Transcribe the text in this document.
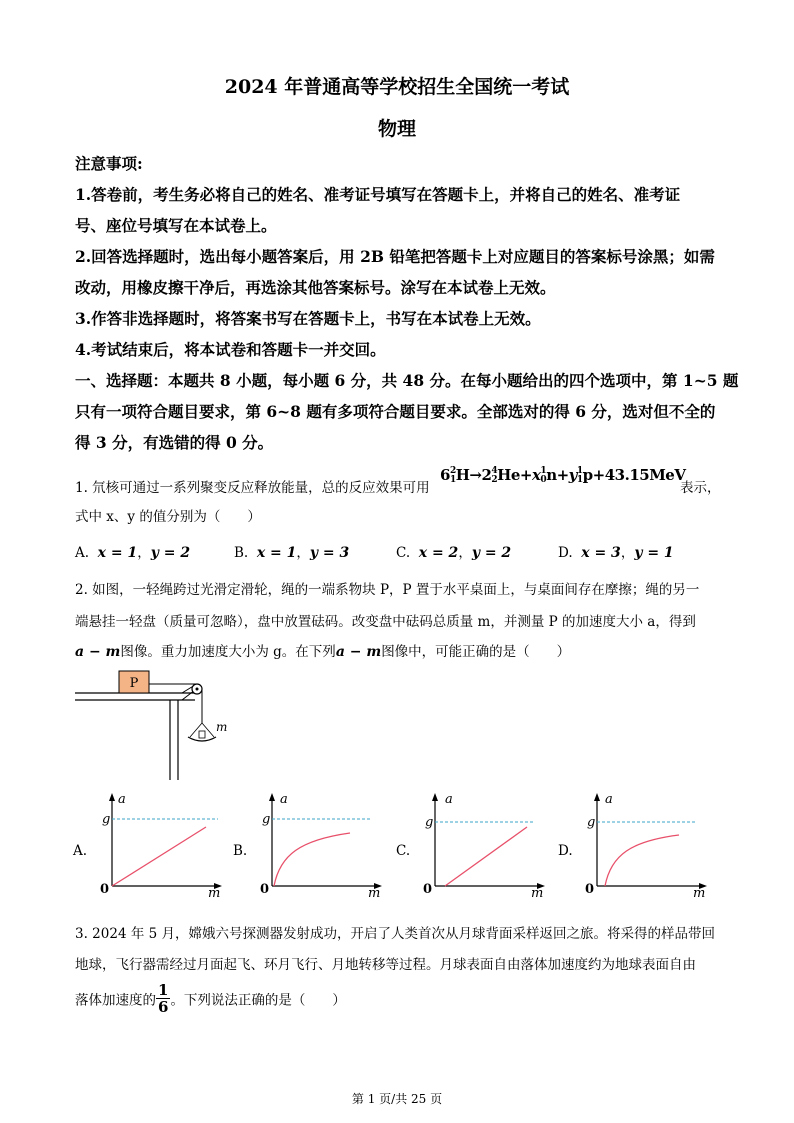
2024 年普通高等学校招生全国统一考试
物理
注意事项:
1.答卷前，考生务必将自己的姓名、准考证号填写在答题卡上，并将自己的姓名、准考证
号、座位号填写在本试卷上。
2.回答选择题时，选出每小题答案后，用 2B 铅笔把答题卡上对应题目的答案标号涂黑；如需
改动，用橡皮擦干净后，再选涂其他答案标号。涂写在本试卷上无效。
3.作答非选择题时，将答案书写在答题卡上，书写在本试卷上无效。
4.考试结束后，将本试卷和答题卡一并交回。
一、选择题：本题共 8 小题，每小题 6 分，共 48 分。在每小题给出的四个选项中，第 1~5 题
只有一项符合题目要求，第 6~8 题有多项符合题目要求。全部选对的得 6 分，选对但不全的
得 3 分，有选错的得 0 分。
1. 氘核可通过一系列聚变反应释放能量，总的反应效果可用
6 2
1 H→2 4
2 He+x 1
0 n+y 1
1 p+43.15MeV
表示，
式中 x、y 的值分别为（　　）
A. x = 1，y = 2	B. x = 1，y = 3	C. x = 2，y = 2	D. x = 3，y = 1
2. 如图，一轻绳跨过光滑定滑轮，绳的一端系物块 P，P 置于水平桌面上，与桌面间存在摩擦；绳的另一
端悬挂一轻盘（质量可忽略），盘中放置砝码。改变盘中砝码总质量 m，并测量 P 的加速度大小 a，得到
a − m图像。重力加速度大小为 g。在下列a − m图像中，可能正确的是（　　）
P
m
A.
g
a
0	m
B.
g
a
0	m
C.
g
a
0	m
D.
g
a
0	m
3. 2024 年 5 月，嫦娥六号探测器发射成功，开启了人类首次从月球背面采样返回之旅。将采得的样品带回
地球，飞行器需经过月面起飞、环月飞行、月地转移等过程。月球表面自由落体加速度约为地球表面自由
落体加速度的 $\frac{1}{6}$ 。下列说法正确的是（　　）
第 1 页/共 25 页
